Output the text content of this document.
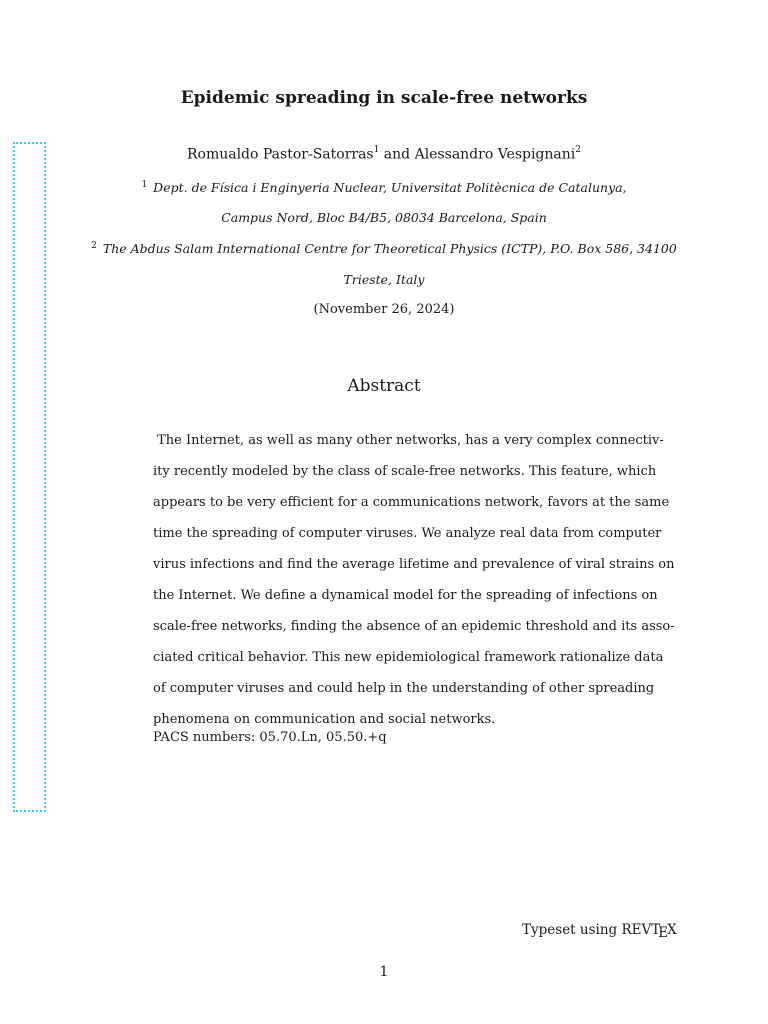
Epidemic spreading in scale-free networks
Romualdo Pastor-Satorras$^1$ and Alessandro Vespignani$^2$
$^1$ Dept. de Física i Enginyeria Nuclear, Universitat Politècnica de Catalunya,
Campus Nord, Bloc B4/B5, 08034 Barcelona, Spain
$^2$ The Abdus Salam International Centre for Theoretical Physics (ICTP), P.O. Box 586, 34100
Trieste, Italy
(November 26, 2024)
Abstract
The Internet, as well as many other networks, has a very complex connectiv-
ity recently modeled by the class of scale-free networks. This feature, which
appears to be very efficient for a communications network, favors at the same
time the spreading of computer viruses. We analyze real data from computer
virus infections and find the average lifetime and prevalence of viral strains on
the Internet. We define a dynamical model for the spreading of infections on
scale-free networks, finding the absence of an epidemic threshold and its asso-
ciated critical behavior. This new epidemiological framework rationalize data
of computer viruses and could help in the understanding of other spreading
phenomena on communication and social networks.
PACS numbers: 05.70.Ln, 05.50.+q
Typeset using REVTEX
1
